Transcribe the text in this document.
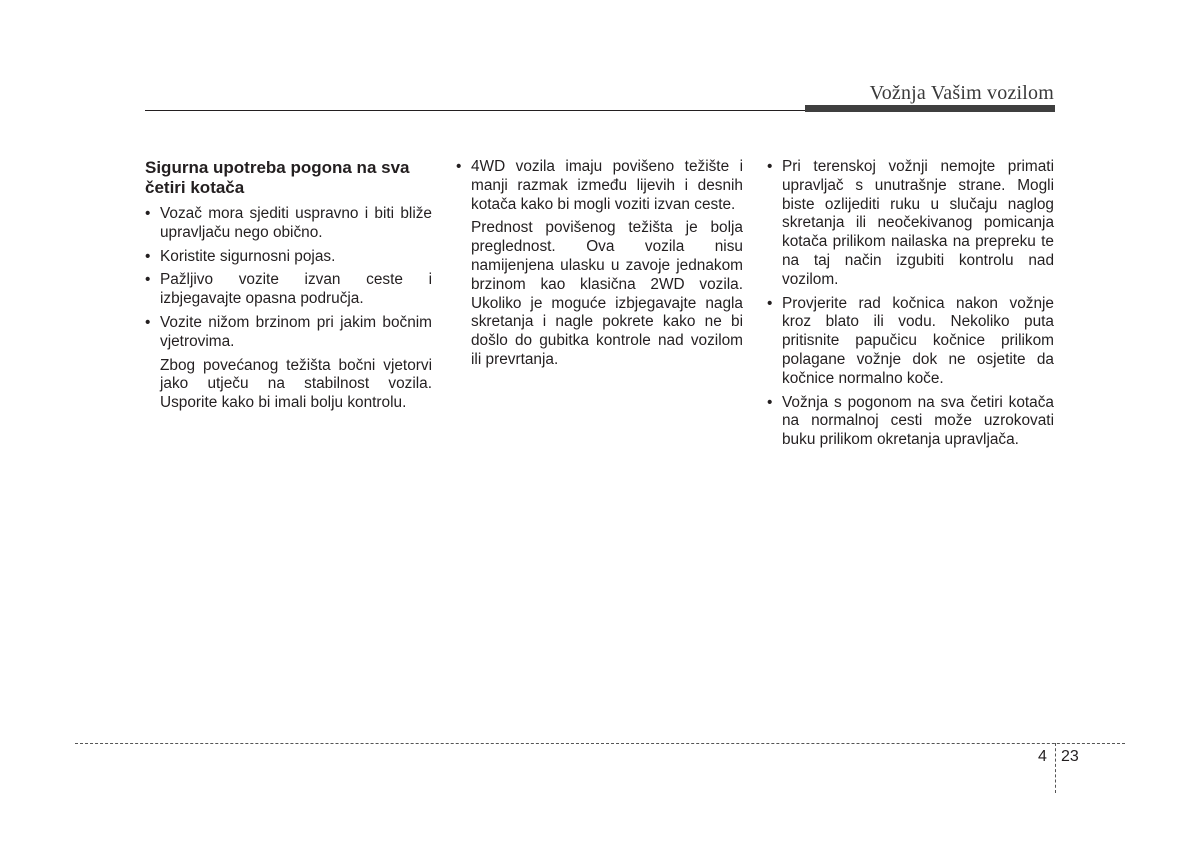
Vožnja Vašim vozilom
Sigurna upotreba pogona na sva četiri kotača
• Vozač mora sjediti uspravno i biti bliže upravljaču nego obično.
• Koristite sigurnosni pojas.
• Pažljivo vozite izvan ceste i izbjegavajte opasna područja.
• Vozite nižom brzinom pri jakim bočnim vjetrovima.

Zbog povećanog težišta bočni vjetorvi jako utječu na stabilnost vozila. Usporite kako bi imali bolju kontrolu.

• 4WD vozila imaju povišeno težište i manji razmak između lijevih i desnih kotača kako bi mogli voziti izvan ceste.

Prednost povišenog težišta je bolja preglednost. Ova vozila nisu namijenjena ulasku u zavoje jednakom brzinom kao klasična 2WD vozila. Ukoliko je moguće izbjegavajte nagla skretanja i nagle pokrete kako ne bi došlo do gubitka kontrole nad vozilom ili prevrtanja.

• Pri terenskoj vožnji nemojte primati upravljač s unutrašnje strane. Mogli biste ozlijediti ruku u slučaju naglog skretanja ili neočekivanog pomicanja kotača prilikom nailaska na prepreku te na taj način izgubiti kontrolu nad vozilom.
• Provjerite rad kočnica nakon vožnje kroz blato ili vodu. Nekoliko puta pritisnite papučicu kočnice prilikom polagane vožnje dok ne osjetite da kočnice normalno koče.
• Vožnja s pogonom na sva četiri kotača na normalnoj cesti može uzrokovati buku prilikom okretanja upravljača.
4 23
